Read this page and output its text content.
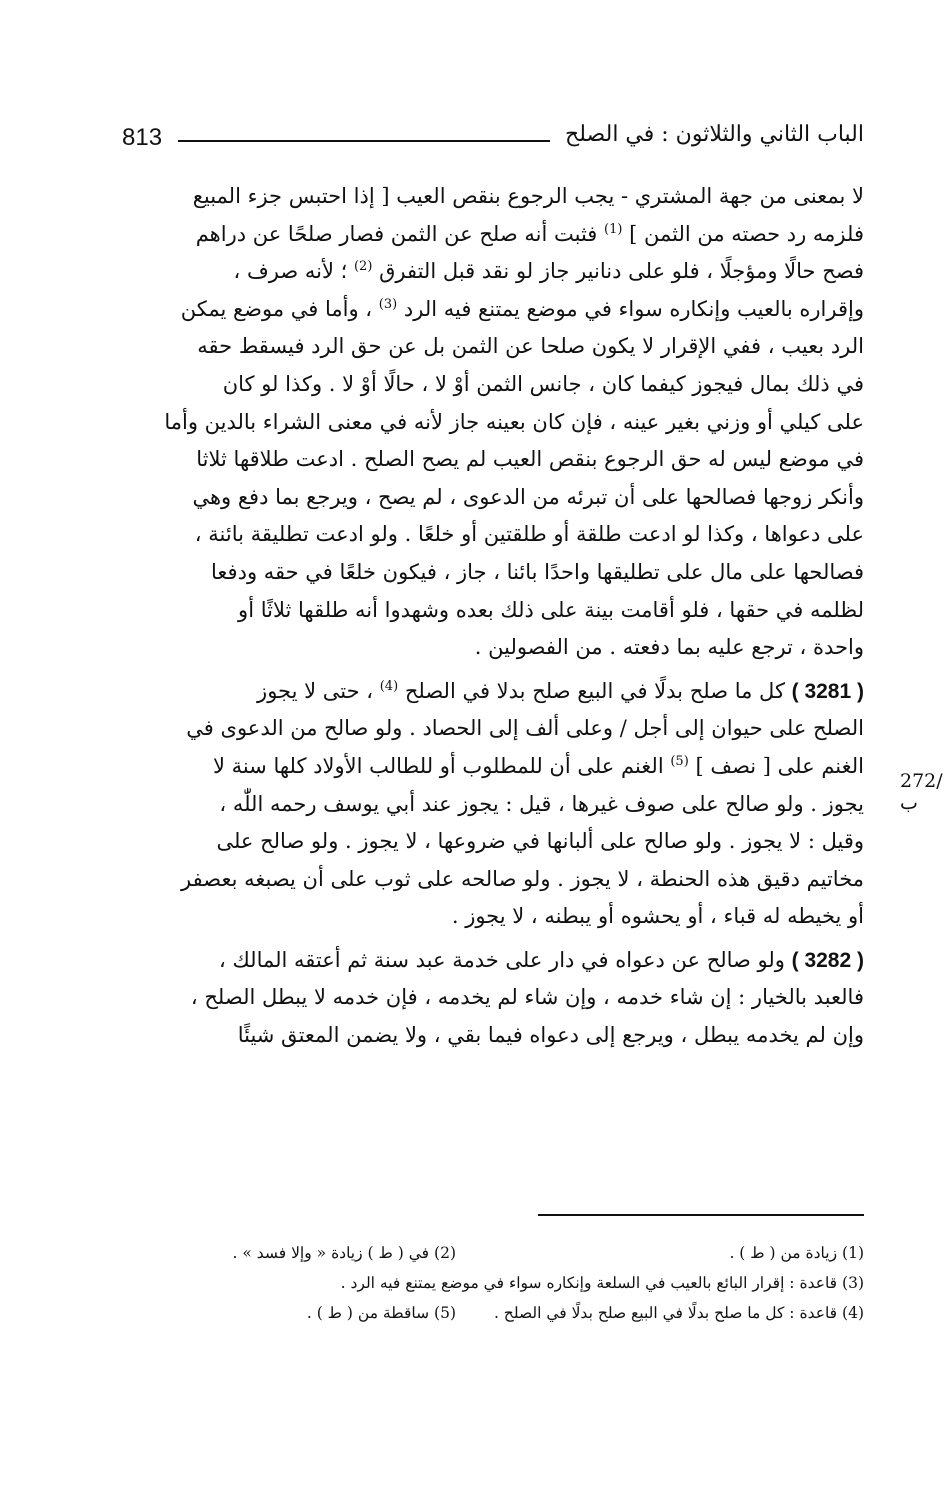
813	الباب الثاني والثلاثون : في الصلح
272/ب

لا بمعنى من جهة المشتري - يجب الرجوع بنقص العيب [ إذا احتبس جزء المبيع
فلزمه رد حصته من الثمن ] $^{(1)}$ فثبت أنه صلح عن الثمن فصار صلحًا عن دراهم
فصح حالًا ومؤجلًا ، فلو على دنانير جاز لو نقد قبل التفرق $^{(2)}$ ؛ لأنه صرف ،
وإقراره بالعيب وإنكاره سواء في موضع يمتنع فيه الرد $^{(3)}$ ، وأما في موضع يمكن
الرد بعيب ، ففي الإقرار لا يكون صلحا عن الثمن بل عن حق الرد فيسقط حقه
في ذلك بمال فيجوز كيفما كان ، جانس الثمن أوْ لا ، حالًا أوْ لا . وكذا لو كان
على كيلي أو وزني بغير عينه ، فإن كان بعينه جاز لأنه في معنى الشراء بالدين وأما
في موضع ليس له حق الرجوع بنقص العيب لم يصح الصلح . ادعت طلاقها ثلاثا
وأنكر زوجها فصالحها على أن تبرئه من الدعوى ، لم يصح ، ويرجع بما دفع وهي
على دعواها ، وكذا لو ادعت طلقة أو طلقتين أو خلعًا . ولو ادعت تطليقة بائنة ،
فصالحها على مال على تطليقها واحدًا بائنا ، جاز ، فيكون خلعًا في حقه ودفعا
لظلمه في حقها ، فلو أقامت بينة على ذلك بعده وشهدوا أنه طلقها ثلاثًا أو
واحدة ، ترجع عليه بما دفعته . من الفصولين .

( 3281 ) كل ما صلح بدلًا في البيع صلح بدلا في الصلح $^{(4)}$ ، حتى لا يجوز
الصلح على حيوان إلى أجل / وعلى ألف إلى الحصاد . ولو صالح من الدعوى في
الغنم على [ نصف ] $^{(5)}$ الغنم على أن للمطلوب أو للطالب الأولاد كلها سنة لا
يجوز . ولو صالح على صوف غيرها ، قيل : يجوز عند أبي يوسف رحمه اللّٰه ،
وقيل : لا يجوز . ولو صالح على ألبانها في ضروعها ، لا يجوز . ولو صالح على
مخاتيم دقيق هذه الحنطة ، لا يجوز . ولو صالحه على ثوب على أن يصبغه بعصفر
أو يخيطه له قباء ، أو يحشوه أو يبطنه ، لا يجوز .

( 3282 ) ولو صالح عن دعواه في دار على خدمة عبد سنة ثم أعتقه المالك ،
فالعبد بالخيار : إن شاء خدمه ، وإن شاء لم يخدمه ، فإن خدمه لا يبطل الصلح ،
وإن لم يخدمه يبطل ، ويرجع إلى دعواه فيما بقي ، ولا يضمن المعتق شيئًا

(1) زيادة من ( ط ) .
(2) في ( ط ) زيادة « وإلا فسد » .
(3) قاعدة : إقرار البائع بالعيب في السلعة وإنكاره سواء في موضع يمتنع فيه الرد .
(4) قاعدة : كل ما صلح بدلًا في البيع صلح بدلًا في الصلح .
(5) ساقطة من ( ط ) .
